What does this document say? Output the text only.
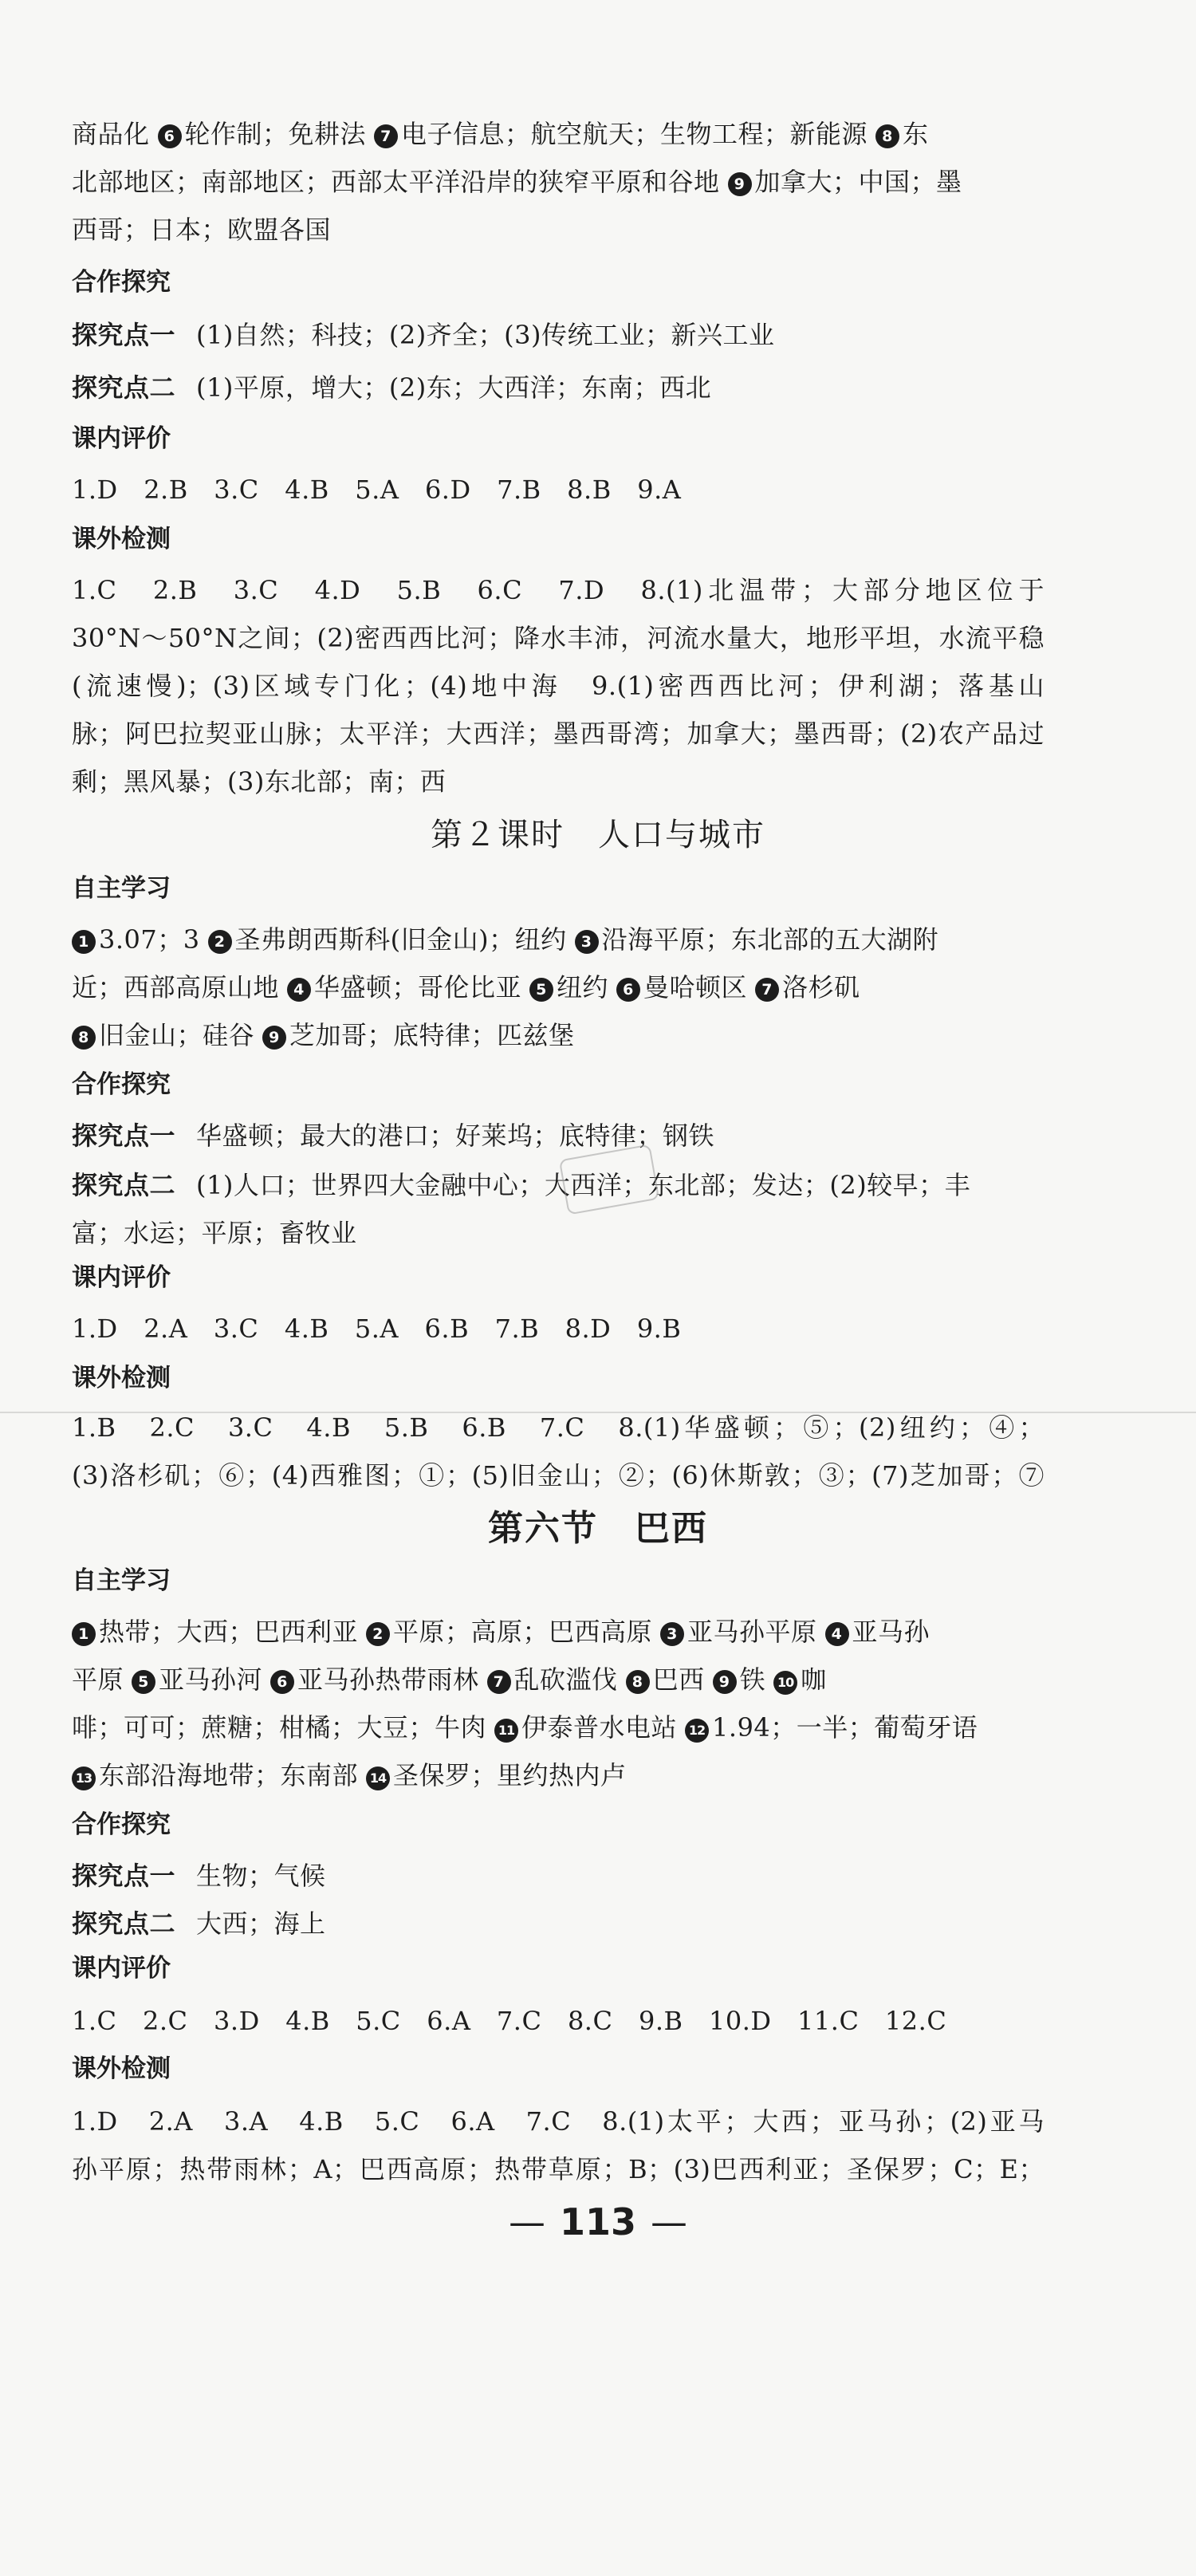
商品化 6 轮作制；免耕法 7 电子信息；航空航天；生物工程；新能源 8 东
北部地区；南部地区；西部太平洋沿岸的狭窄平原和谷地 9 加拿大；中国；墨
西哥；日本；欧盟各国
合作探究
探究点一 (1)自然；科技；(2)齐全；(3)传统工业；新兴工业
探究点二 (1)平原，增大；(2)东；大西洋；东南；西北
课内评价
1.D　2.B　3.C　4.B　5.A　6.D　7.B　8.B　9.A
课外检测
1.C　2.B　3.C　4.D　5.B　6.C　7.D　8.(1)北温带；大部分地区位于
30°N～50°N之间；(2)密西西比河；降水丰沛，河流水量大，地形平坦，水流平稳
(流速慢)；(3)区域专门化；(4)地中海　9.(1)密西西比河；伊利湖；落基山
脉；阿巴拉契亚山脉；太平洋；大西洋；墨西哥湾；加拿大；墨西哥；(2)农产品过
剩；黑风暴；(3)东北部；南；西
第２课时　人口与城市
自主学习
1 3.07；3 2 圣弗朗西斯科(旧金山)；纽约 3 沿海平原；东北部的五大湖附
近；西部高原山地 4 华盛顿；哥伦比亚 5 纽约 6 曼哈顿区 7 洛杉矶
8 旧金山；硅谷 9 芝加哥；底特律；匹兹堡
合作探究
探究点一 华盛顿；最大的港口；好莱坞；底特律；钢铁
探究点二 (1)人口；世界四大金融中心；大西洋；东北部；发达；(2)较早；丰
富；水运；平原；畜牧业
课内评价
1.D　2.A　3.C　4.B　5.A　6.B　7.B　8.D　9.B
课外检测
1.B　2.C　3.C　4.B　5.B　6.B　7.C　8.(1)华盛顿；⑤；(2)纽约；④；
(3)洛杉矶；⑥；(4)西雅图；①；(5)旧金山；②；(6)休斯敦；③；(7)芝加哥；⑦
第六节　巴西
自主学习
1 热带；大西；巴西利亚 2 平原；高原；巴西高原 3 亚马孙平原 4 亚马孙
平原 5 亚马孙河 6 亚马孙热带雨林 7 乱砍滥伐 8 巴西 9 铁 10 咖
啡；可可；蔗糖；柑橘；大豆；牛肉 11 伊泰普水电站 12 1.94；一半；葡萄牙语
13 东部沿海地带；东南部 14 圣保罗；里约热内卢
合作探究
探究点一 生物；气候
探究点二 大西；海上
课内评价
1.C　2.C　3.D　4.B　5.C　6.A　7.C　8.C　9.B　10.D　11.C　12.C
课外检测
1.D　2.A　3.A　4.B　5.C　6.A　7.C　8.(1)太平；大西；亚马孙；(2)亚马
孙平原；热带雨林；A；巴西高原；热带草原；B；(3)巴西利亚；圣保罗；C；E；
— 113 —
